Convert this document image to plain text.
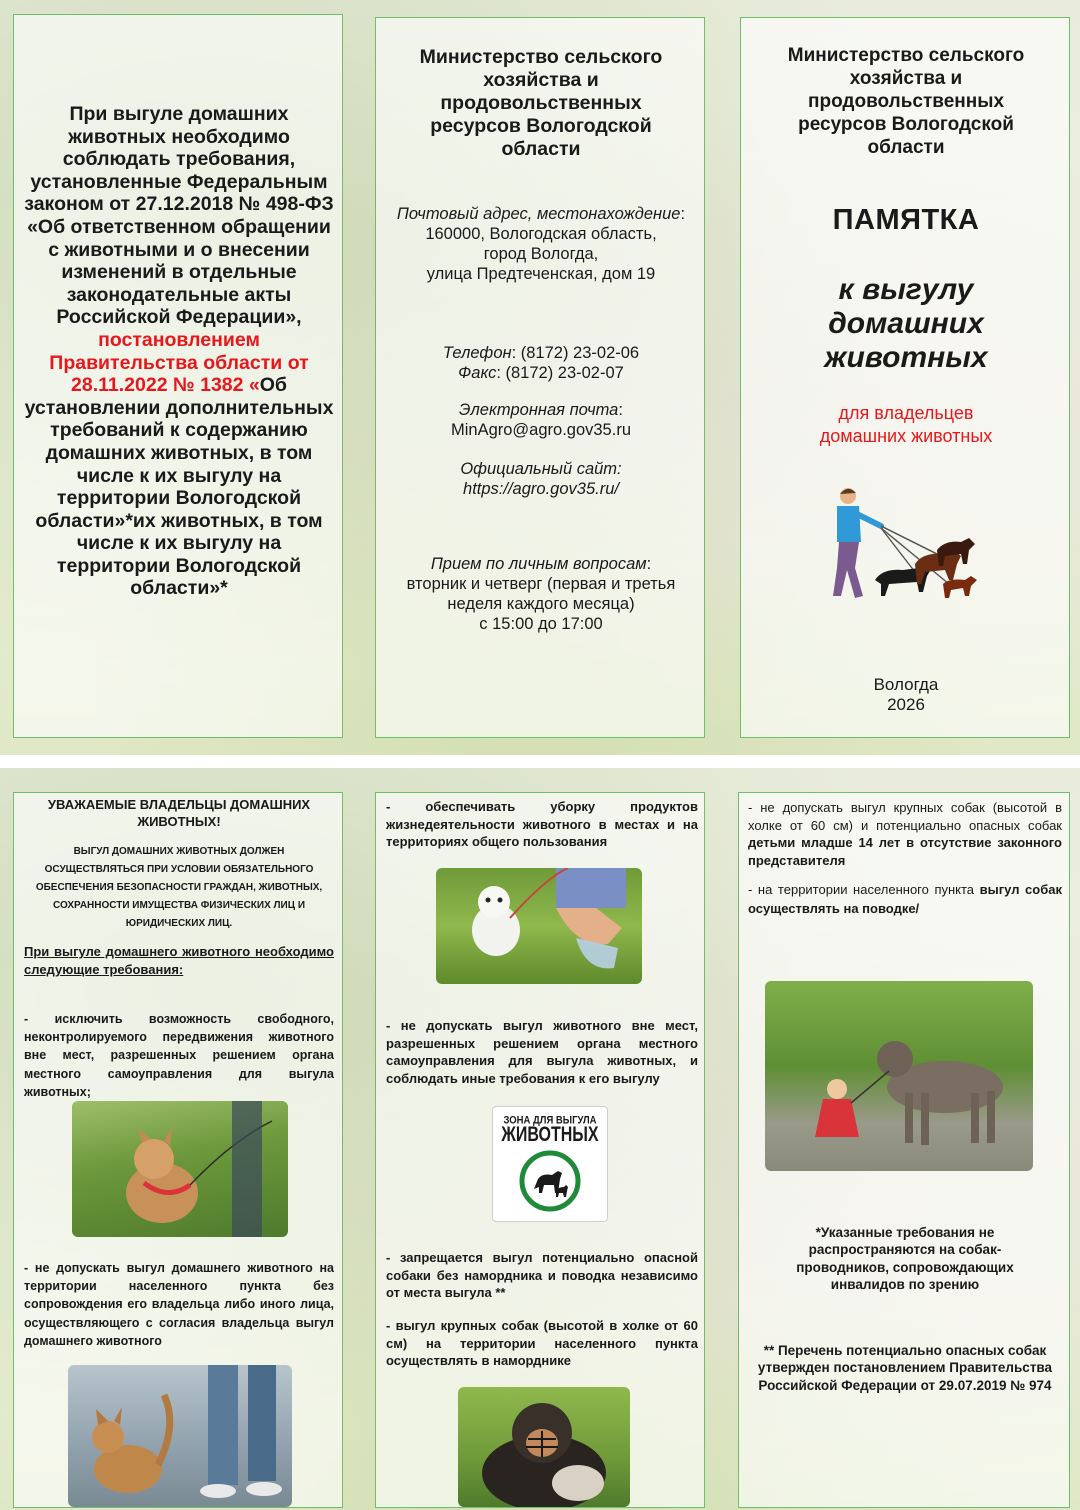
При выгуле домашних животных необходимо соблюдать требования, установленные Федеральным законом от 27.12.2018 № 498-ФЗ «Об ответственном обращении с животными и о внесении изменений в отдельные законодательные акты Российской Федерации», постановлением Правительства области от 28.11.2022 № 1382 «Об установлении дополнительных требований к содержанию домашних животных, в том числе к их выгулу на территории Вологодской области»*их животных, в том числе к их выгулу на территории Вологодской области»*

Министерство сельского хозяйства и продовольственных ресурсов Вологодской области

Почтовый адрес, местонахождение:

160000, Вологодская область,

город Вологда,

улица Предтеченская, дом 19

Телефон: (8172) 23-02-06

Факс: (8172) 23-02-07

Электронная почта:

MinAgro@agro.gov35.ru

Официальный сайт:

https://agro.gov35.ru/

Прием по личным вопросам:

вторник и четверг (первая и третья

неделя каждого месяца)

с 15:00 до 17:00

Министерство сельского хозяйства и продовольственных ресурсов Вологодской области

ПАМЯТКА

к выгулу домашних животных

для владельцев домашних животных

Вологда

2026

УВАЖАЕМЫЕ ВЛАДЕЛЬЦЫ ДОМАШНИХ ЖИВОТНЫХ!

ВЫГУЛ ДОМАШНИХ ЖИВОТНЫХ ДОЛЖЕН ОСУЩЕСТВЛЯТЬСЯ ПРИ УСЛОВИИ ОБЯЗАТЕЛЬНОГО ОБЕСПЕЧЕНИЯ БЕЗОПАСНОСТИ ГРАЖДАН, ЖИВОТНЫХ, СОХРАННОСТИ ИМУЩЕСТВА ФИЗИЧЕСКИХ ЛИЦ И ЮРИДИЧЕСКИХ ЛИЦ.

При выгуле домашнего животного необходимо следующие требования:

- исключить возможность свободного, неконтролируемого передвижения животного вне мест, разрешенных решением органа местного самоуправления для выгула животных;

- не допускать выгул домашнего животного на территории населенного пункта без сопровождения его владельца либо иного лица, осуществляющего с согласия владельца выгул домашнего животного

- обеспечивать уборку продуктов жизнедеятельности животного в местах и на территориях общего пользования

- не допускать выгул животного вне мест, разрешенных решением органа местного самоуправления для выгула животных, и соблюдать иные требования к его выгулу

ЗОНА ДЛЯ ВЫГУЛА

ЖИВОТНЫХ

- запрещается выгул потенциально опасной собаки без намордника и поводка независимо от места выгула **

- выгул крупных собак (высотой в холке от 60 см) на территории населенного пункта осуществлять в наморднике

- не допускать выгул крупных собак (высотой в холке от 60 см) и потенциально опасных собак детьми младше 14 лет в отсутствие законного представителя

- на территории населенного пункта выгул собак осуществлять на поводке/

*Указанные требования не распространяются на собак-проводников, сопровождающих инвалидов по зрению

** Перечень потенциально опасных собак утвержден постановлением Правительства Российской Федерации от 29.07.2019 № 974
